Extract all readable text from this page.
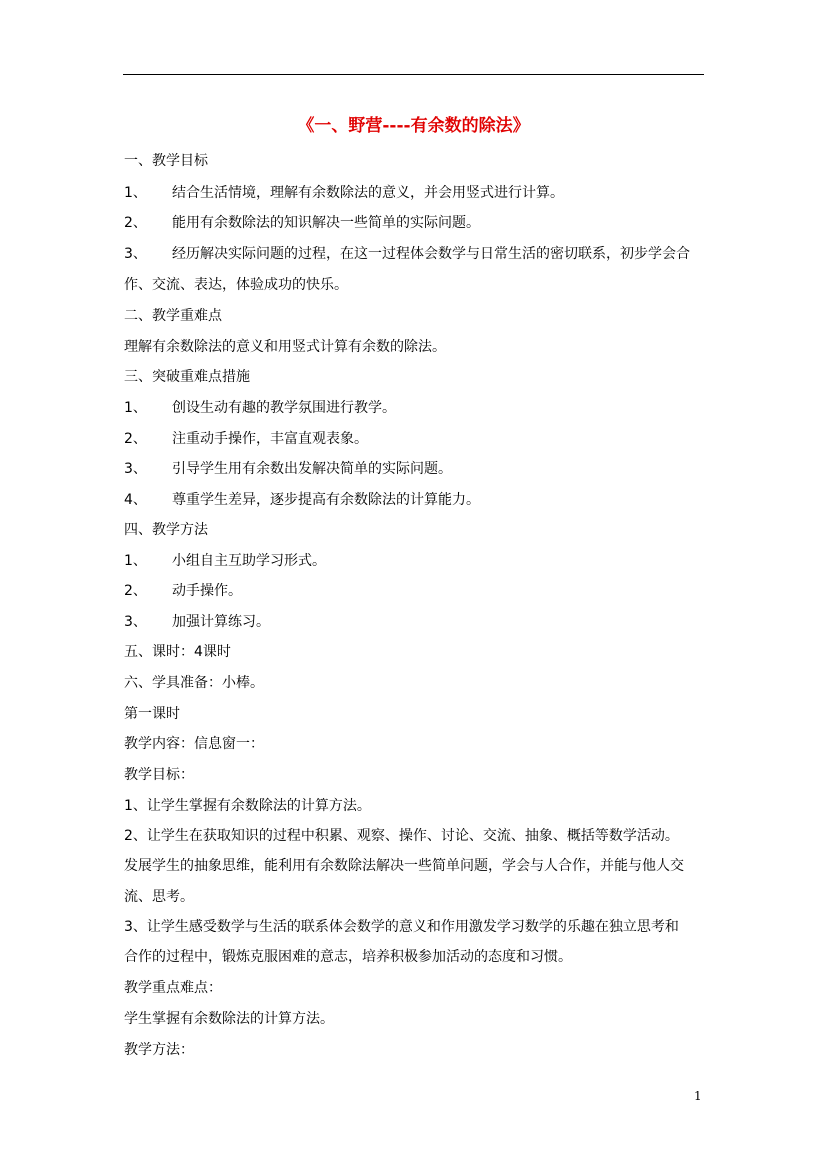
《一、野营----有余数的除法》
一、教学目标
1、 结合生活情境，理解有余数除法的意义，并会用竖式进行计算。
2、 能用有余数除法的知识解决一些简单的实际问题。
3、 经历解决实际问题的过程，在这一过程体会数学与日常生活的密切联系，初步学会合
作、交流、表达，体验成功的快乐。
二、教学重难点
理解有余数除法的意义和用竖式计算有余数的除法。
三、突破重难点措施
1、 创设生动有趣的教学氛围进行教学。
2、 注重动手操作，丰富直观表象。
3、 引导学生用有余数出发解决简单的实际问题。
4、 尊重学生差异，逐步提高有余数除法的计算能力。
四、教学方法
1、 小组自主互助学习形式。
2、 动手操作。
3、 加强计算练习。
五、课时：4课时
六、学具准备：小棒。
第一课时
教学内容：信息窗一：
教学目标：
1、让学生掌握有余数除法的计算方法。
2、让学生在获取知识的过程中积累、观察、操作、讨论、交流、抽象、概括等数学活动。
发展学生的抽象思维，能利用有余数除法解决一些简单问题，学会与人合作，并能与他人交
流、思考。
3、让学生感受数学与生活的联系体会数学的意义和作用激发学习数学的乐趣在独立思考和
合作的过程中，锻炼克服困难的意志，培养积极参加活动的态度和习惯。
教学重点难点：
学生掌握有余数除法的计算方法。
教学方法：
1
